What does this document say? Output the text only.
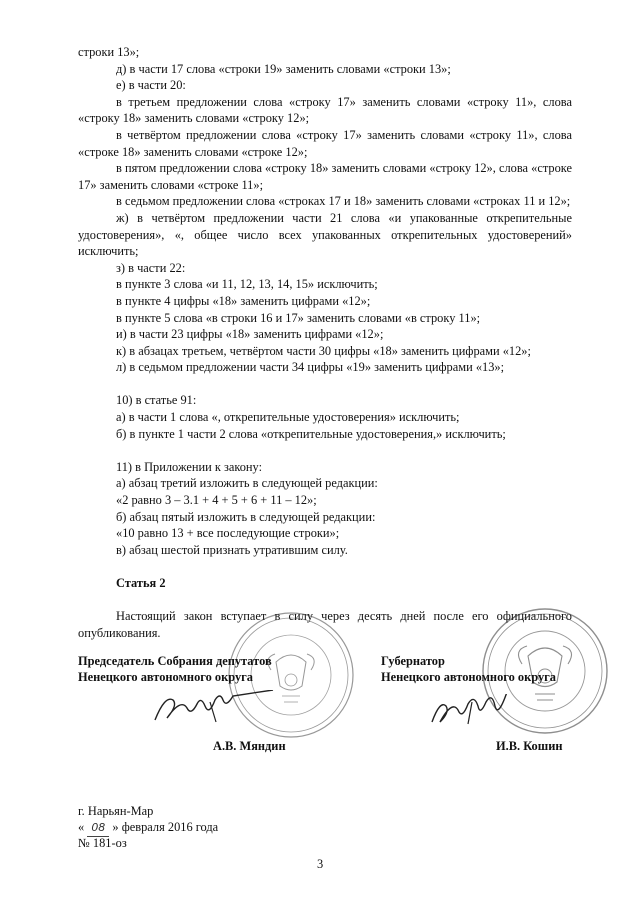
строки 13»;

д) в части 17 слова «строки 19» заменить словами «строки 13»;

е) в части 20:

в третьем предложении слова «строку 17» заменить словами «строку 11», слова «строку 18» заменить словами «строку 12»;

в четвёртом предложении слова «строку 17» заменить словами «строку 11», слова «строке 18» заменить словами «строке 12»;

в пятом предложении слова «строку 18» заменить словами «строку 12», слова «строке 17» заменить словами «строке 11»;

в седьмом предложении слова «строках 17 и 18» заменить словами «строках 11 и 12»;

ж) в четвёртом предложении части 21 слова «и упакованные открепительные удостоверения», «, общее число всех упакованных открепительных удостоверений» исключить;

з) в части 22:

в пункте 3 слова «и 11, 12, 13, 14, 15» исключить;

в пункте 4 цифры «18» заменить цифрами «12»;

в пункте 5 слова «в строки 16 и 17» заменить словами «в строку 11»;

и) в части 23 цифры «18» заменить цифрами «12»;

к) в абзацах третьем, четвёртом части 30 цифры «18» заменить цифрами «12»;

л) в седьмом предложении части 34 цифры «19» заменить цифрами «13»;

10) в статье 91:

а) в части 1 слова «, открепительные удостоверения» исключить;

б) в пункте 1 части 2 слова «открепительные удостоверения,» исключить;

11) в Приложении к закону:

а) абзац третий изложить в следующей редакции:

«2 равно 3 – 3.1 + 4 + 5 + 6 + 11 – 12»;

б) абзац пятый изложить в следующей редакции:

«10 равно 13 + все последующие строки»;

в) абзац шестой признать утратившим силу.

Статья 2

Настоящий закон вступает в силу через десять дней после его официального опубликования.

Председатель Собрания депутатов
Ненецкого автономного округа
А.В. Мяндин
Губернатор
Ненецкого автономного округа
И.В. Кошин
г. Нарьян-Мар
« 08 » февраля 2016 года
№ 181-оз
3
